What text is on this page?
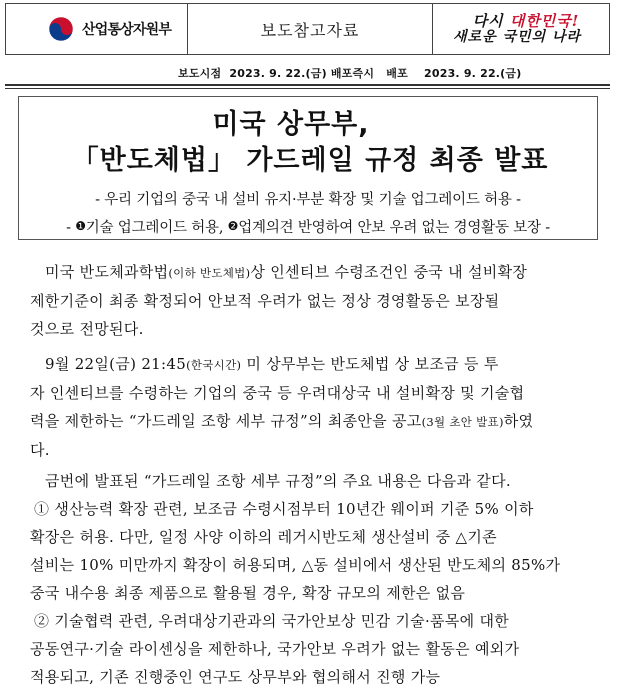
산업통상자원부	보도참고자료	다시 대한민국!
새로운 국민의 나라
보도시점  2023. 9. 22.(금) 배포즉시   배포    2023. 9. 22.(금)
미국 상무부,
「반도체법」 가드레일 규정 최종 발표
- 우리 기업의 중국 내 설비 유지·부분 확장 및 기술 업그레이드 허용 -
- ❶기술 업그레이드 허용, ❷업계의견 반영하여 안보 우려 없는 경영활동 보장 -
미국 반도체과학법(이하 반도체법)상 인센티브 수령조건인 중국 내 설비확장
제한기준이 최종 확정되어 안보적 우려가 없는 정상 경영활동은 보장될
것으로 전망된다.
9월 22일(금) 21:45(한국시간) 미 상무부는 반도체법 상 보조금 등 투
자 인센티브를 수령하는 기업의 중국 등 우려대상국 내 설비확장 및 기술협
력을 제한하는 “가드레일 조항 세부 규정”의 최종안을 공고(3월 초안 발표)하였
다.
금번에 발표된 “가드레일 조항 세부 규정”의 주요 내용은 다음과 같다.
① 생산능력 확장 관련, 보조금 수령시점부터 10년간 웨이퍼 기준 5% 이하
확장은 허용. 다만, 일정 사양 이하의 레거시반도체 생산설비 중 △기존
설비는 10% 미만까지 확장이 허용되며, △동 설비에서 생산된 반도체의 85%가
중국 내수용 최종 제품으로 활용될 경우, 확장 규모의 제한은 없음
② 기술협력 관련, 우려대상기관과의 국가안보상 민감 기술·품목에 대한
공동연구·기술 라이센싱을 제한하나, 국가안보 우려가 없는 활동은 예외가
적용되고, 기존 진행중인 연구도 상무부와 협의해서 진행 가능
